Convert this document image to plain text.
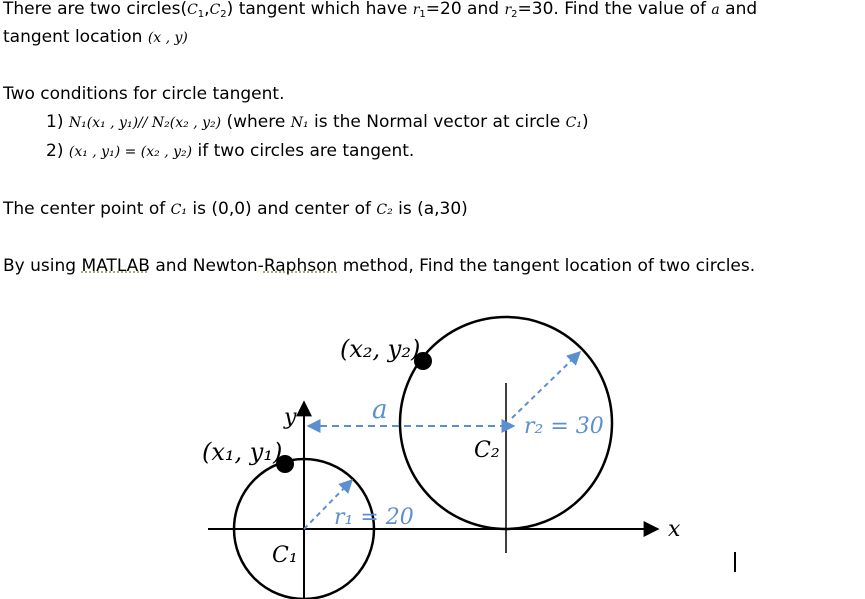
There are two $circles(C_1,C_2)$ tangent which have $r_1=20$ and $r_2=30$. Find the value of a and
tangent location (x , y)
Two conditions for circle tangent.
1) N₁(x₁ , y₁)// N₂(x₂ , y₂) (where N₁ is the Normal vector at circle C₁)
2) (x₁ , y₁) = (x₂ , y₂) if two circles are tangent.
The center point of C₁ is (0,0) and center of C₂ is (a,30)
By using MATLAB and Newton-Raphson method, Find the tangent location of two circles.
(x₂, y₂)
(x₁, y₁)
a
y
x
C₂
C₁
r₂ = 30
r₁ = 20
